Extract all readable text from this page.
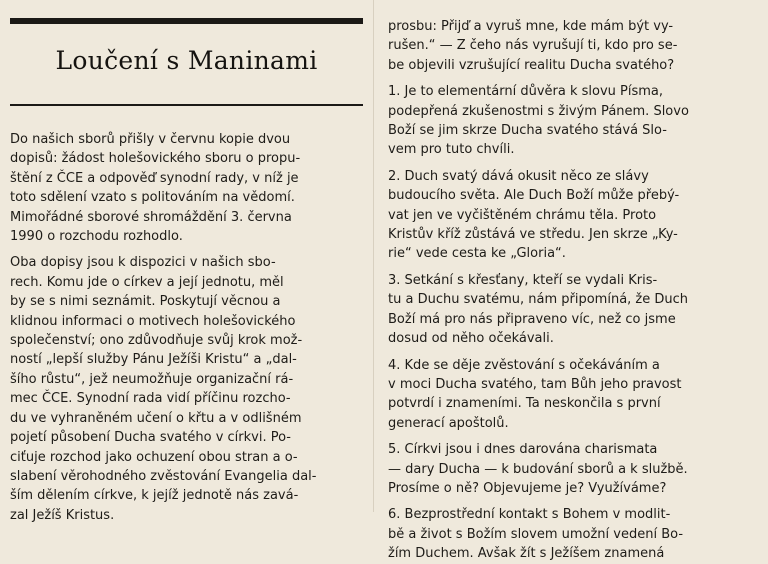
Loučení s Maninami

Do našich sborů přišly v červnu kopie dvou
dopisů: žádost holešovického sboru o propu-
štění z ČCE a odpověď synodní rady, v níž je
toto sdělení vzato s politováním na vědomí.
Mimořádné sborové shromáždění 3. června
1990 o rozchodu rozhodlo.

Oba dopisy jsou k dispozici v našich sbo-
rech. Komu jde o církev a její jednotu, měl
by se s nimi seznámit. Poskytují věcnou a
klidnou informaci o motivech holešovického
společenství; ono zdůvodňuje svůj krok mož-
ností „lepší služby Pánu Ježíši Kristu“ a „dal-
šího růstu“, jež neumožňuje organizační rá-
mec ČCE. Synodní rada vidí příčinu rozcho-
du ve vyhraněném učení o křtu a v odlišném
pojetí působení Ducha svatého v církvi. Po-
ciťuje rozchod jako ochuzení obou stran a o-
slabení věrohodného zvěstování Evangelia dal-
ším dělením církve, k jejíž jednotě nás zavá-
zal Ježíš Kristus.

prosbu: Přijď a vyruš mne, kde mám být vy-
rušen.“ — Z čeho nás vyrušují ti, kdo pro se-
be objevili vzrušující realitu Ducha svatého?

1. Je to elementární důvěra k slovu Písma,
podepřená zkušenostmi s živým Pánem. Slovo
Boží se jim skrze Ducha svatého stává Slo-
vem pro tuto chvíli.

2. Duch svatý dává okusit něco ze slávy
budoucího světa. Ale Duch Boží může přebý-
vat jen ve vyčištěném chrámu těla. Proto
Kristův kříž zůstává ve středu. Jen skrze „Ky-
rie“ vede cesta ke „Gloria“.

3. Setkání s křesťany, kteří se vydali Kris-
tu a Duchu svatému, nám připomíná, že Duch
Boží má pro nás připraveno víc, než co jsme
dosud od něho očekávali.

4. Kde se děje zvěstování s očekáváním a
v moci Ducha svatého, tam Bůh jeho pravost
potvrdí i znameními. Ta neskončila s první
generací apoštolů.

5. Církvi jsou i dnes darována charismata
— dary Ducha — k budování sborů a k službě.
Prosíme o ně? Objevujeme je? Využíváme?

6. Bezprostřední kontakt s Bohem v modlit-
bě a život s Božím slovem umožní vedení Bo-
žím Duchem. Avšak žít s Ježíšem znamená
